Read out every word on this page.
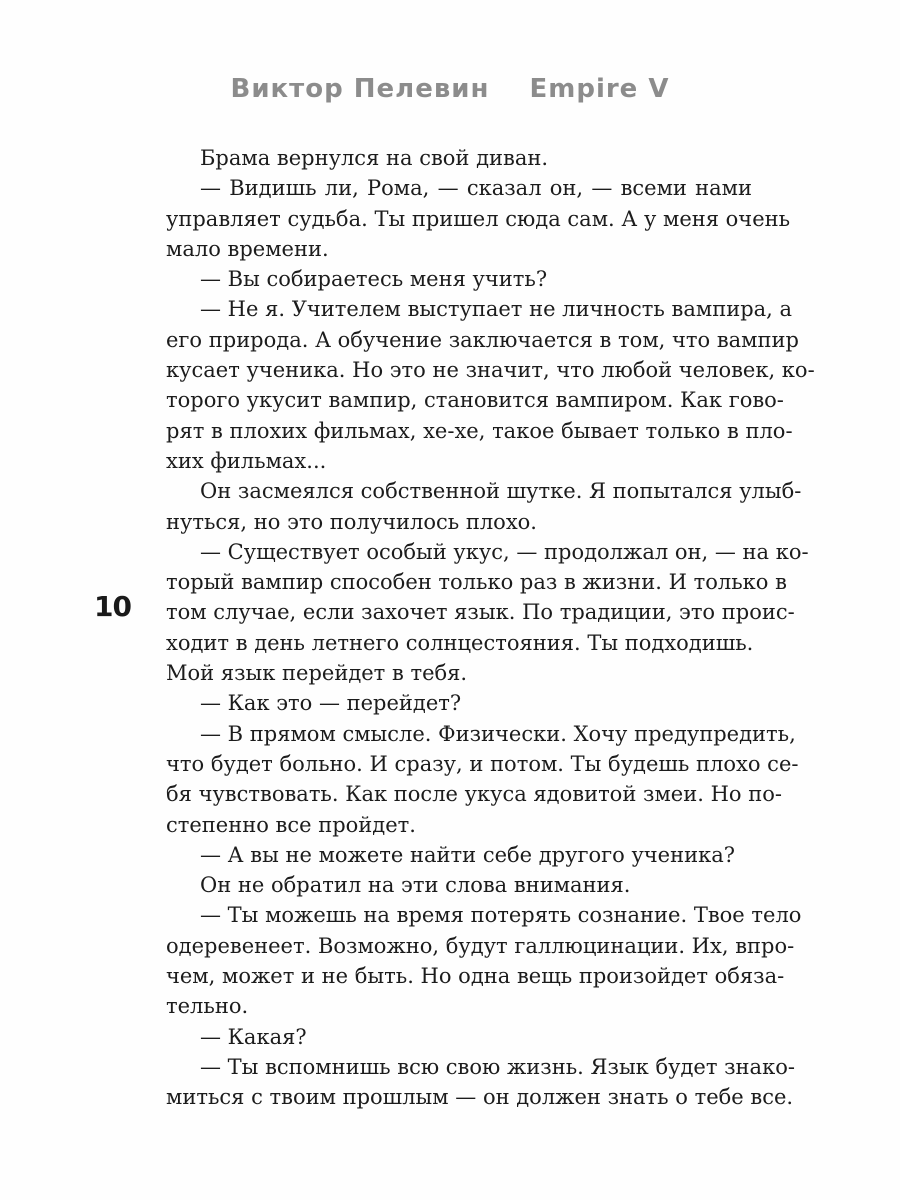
Виктор Пелевин Empire V
10
Брама вернулся на свой диван.
— Видишь ли, Рома, — сказал он, — всеми нами
управляет судьба. Ты пришел сюда сам. А у меня очень
мало времени.
— Вы собираетесь меня учить?
— Не я. Учителем выступает не личность вампира, а
его природа. А обучение заключается в том, что вампир
кусает ученика. Но это не значит, что любой человек, ко-
торого укусит вампир, становится вампиром. Как гово-
рят в плохих фильмах, хе-хе, такое бывает только в пло-
хих фильмах...
Он засмеялся собственной шутке. Я попытался улыб-
нуться, но это получилось плохо.
— Существует особый укус, — продолжал он, — на ко-
торый вампир способен только раз в жизни. И только в
том случае, если захочет язык. По традиции, это проис-
ходит в день летнего солнцестояния. Ты подходишь.
Мой язык перейдет в тебя.
— Как это — перейдет?
— В прямом смысле. Физически. Хочу предупредить,
что будет больно. И сразу, и потом. Ты будешь плохо се-
бя чувствовать. Как после укуса ядовитой змеи. Но по-
степенно все пройдет.
— А вы не можете найти себе другого ученика?
Он не обратил на эти слова внимания.
— Ты можешь на время потерять сознание. Твое тело
одеревенеет. Возможно, будут галлюцинации. Их, впро-
чем, может и не быть. Но одна вещь произойдет обяза-
тельно.
— Какая?
— Ты вспомнишь всю свою жизнь. Язык будет знако-
миться с твоим прошлым — он должен знать о тебе все.
